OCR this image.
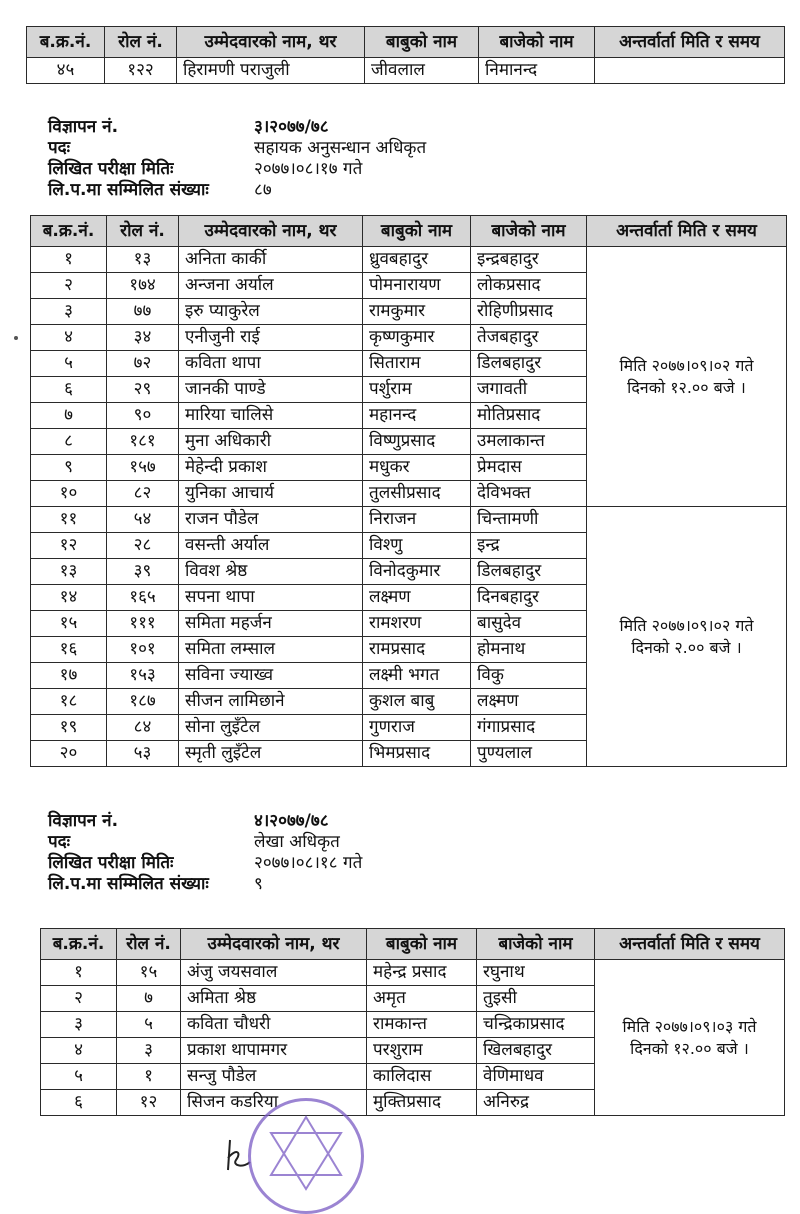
ब.क्र.नं.	रोल नं.	उम्मेदवारको नाम, थर	बाबुको नाम	बाजेको नाम	अन्तर्वार्ता मिति र समय
४५	१२२	हिरामणी पराजुली	जीवलाल	निमानन्द	
विज्ञापन नं.	३।२०७७/७८
पदः	सहायक अनुसन्धान अधिकृत
लिखित परीक्षा मितिः	२०७७।०८।१७ गते
लि.प.मा सम्मिलित संख्याः	८७
ब.क्र.नं.	रोल नं.	उम्मेदवारको नाम, थर	बाबुको नाम	बाजेको नाम	अन्तर्वार्ता मिति र समय
१	१३	अनिता कार्की	ध्रुवबहादुर	इन्द्रबहादुर	मिति २०७७।०९।०२ गते
दिनको १२.०० बजे ।

२	१७४	अन्जना अर्याल	पोमनारायण	लोकप्रसाद	
३	७७	इरु प्याकुरेल	रामकुमार	रोहिणीप्रसाद	
४	३४	एनीजुनी राई	कृष्णकुमार	तेजबहादुर	
५	७२	कविता थापा	सिताराम	डिलबहादुर	
६	२९	जानकी पाण्डे	पर्शुराम	जगावती	
७	९०	मारिया चालिसे	महानन्द	मोतिप्रसाद	
८	१८१	मुना अधिकारी	विष्णुप्रसाद	उमलाकान्त	
९	१५७	मेहेन्दी प्रकाश	मधुकर	प्रेमदास	
१०	८२	युनिका आचार्य	तुलसीप्रसाद	देविभक्त	
११	५४	राजन पौडेल	निराजन	चिन्तामणी	मिति २०७७।०९।०२ गते
दिनको २.०० बजे ।

१२	२८	वसन्ती अर्याल	विश्णु	इन्द्र	
१३	३९	विवश श्रेष्ठ	विनोदकुमार	डिलबहादुर	
१४	१६५	सपना थापा	लक्ष्मण	दिनबहादुर	
१५	१११	समिता महर्जन	रामशरण	बासुदेव	
१६	१०१	समिता लम्साल	रामप्रसाद	होमनाथ	
१७	१५३	सविना ज्याख्व	लक्ष्मी भगत	विकु	
१८	१८७	सीजन लामिछाने	कुशल बाबु	लक्ष्मण	
१९	८४	सोना लुइँटेल	गुणराज	गंगाप्रसाद	
२०	५३	स्मृती लुइँटेल	भिमप्रसाद	पुण्यलाल	
विज्ञापन नं.	४।२०७७/७८
पदः	लेखा अधिकृत
लिखित परीक्षा मितिः	२०७७।०८।१८ गते
लि.प.मा सम्मिलित संख्याः	९
ब.क्र.नं.	रोल नं.	उम्मेदवारको नाम, थर	बाबुको नाम	बाजेको नाम	अन्तर्वार्ता मिति र समय
१	१५	अंजु जयसवाल	महेन्द्र प्रसाद	रघुनाथ	मिति २०७७।०९।०३ गते
दिनको १२.०० बजे ।

२	७	अमिता श्रेष्ठ	अमृत	तुइसी	
३	५	कविता चौधरी	रामकान्त	चन्द्रिकाप्रसाद	
४	३	प्रकाश थापामगर	परशुराम	खिलबहादुर	
५	१	सन्जु पौडेल	कालिदास	वेणिमाधव	
६	१२	सिजन कडरिया	मुक्तिप्रसाद	अनिरुद्र	
